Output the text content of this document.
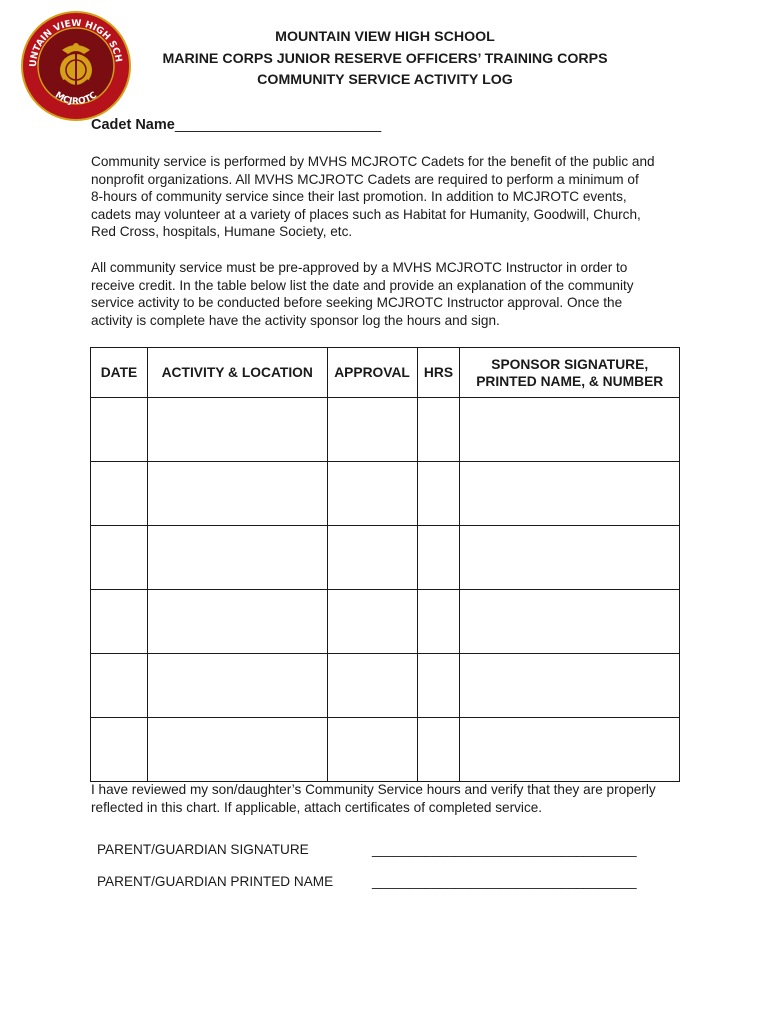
UNTAIN VIEW HIGH SCH
MCJROTC
MOUNTAIN VIEW HIGH SCHOOL
MARINE CORPS JUNIOR RESERVE OFFICERS’ TRAINING CORPS
COMMUNITY SERVICE ACTIVITY LOG
Cadet Name_________________________
Community service is performed by MVHS MCJROTC Cadets for the benefit of the public and
nonprofit organizations. All MVHS MCJROTC Cadets are required to perform a minimum of
8-hours of community service since their last promotion. In addition to MCJROTC events,
cadets may volunteer at a variety of places such as Habitat for Humanity, Goodwill, Church,
Red Cross, hospitals, Humane Society, etc.
All community service must be pre-approved by a MVHS MCJROTC Instructor in order to
receive credit. In the table below list the date and provide an explanation of the community
service activity to be conducted before seeking MCJROTC Instructor approval. Once the
activity is complete have the activity sponsor log the hours and sign.
DATE	ACTIVITY & LOCATION	APPROVAL	HRS	SPONSOR SIGNATURE,
PRINTED NAME, & NUMBER

I have reviewed my son/daughter’s Community Service hours and verify that they are properly
reflected in this chart. If applicable, attach certificates of completed service.
PARENT/GUARDIAN SIGNATURE	___________________________________
PARENT/GUARDIAN PRINTED NAME	___________________________________
